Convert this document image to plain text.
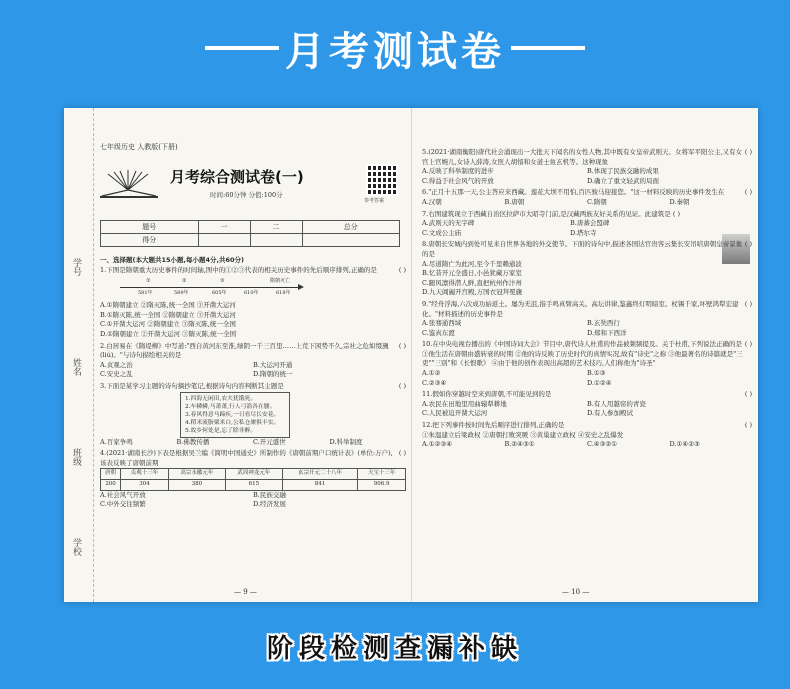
月考测试卷
学号
姓名
班级
学校
七年级历史 人教版(下册)
月考综合测试卷(一)
时间:60分钟 分值:100分
参考答案
题号	一	二	总分
得分			
一、选择题(本大题共15小题,每小题4分,共60分)
( )
1.下图是隋朝重大历史事件的时间轴,图中的①②③代表的相关历史事件的先后顺序排列,正确的是
①	②	③	隋朝灭亡
581年	589年	605年	610年	618年
A.①隋朝建立 ②隋灭陈,统一全国 ③开凿大运河
B.①隋灭陈,统一全国 ②隋朝建立 ③开凿大运河
C.①开凿大运河 ②隋朝建立 ③隋灭陈,统一全国
D.①隋朝建立 ②开凿大运河 ③隋灭陈,统一全国
( )
2.白居易在《隋堤柳》中写道:"西自黄河东至淮,绿阴一千三百里……上荒下困势不久,宗社之危如缀旒(liú)。"与诗句描绘相关的是
A.贞观之治	B.大运河开通
C.安史之乱	D.隋朝的统一
( )
3.下面是某学习主题的诗句摘抄笔记,根据诗句内容判断其主题是
1.四海无闲田,农夫犹饿死。
2.车辚辚,马萧萧,行人弓箭各在腰。
3.春风得意马蹄疾,一日看尽长安花。
4.稻米流脂粟米白,公私仓廪俱丰实。
5.故乡何处是,忘了除非醉。
A.百家争鸣	B.佛教传播	C.开元盛世	D.科举制度
( )
4.(2021·湖南长沙)下表是根据吴兰编《简明中国通史》所制作的《唐朝前期户口统计表》(单位:万户),该表反映了唐朝前期
唐朝	贞观十三年	高宗永徽元年	武周神龙元年	玄宗开元二十八年	天宝十三年
200	304	380	615	841	906.9
A.社会风气开放	B.民族交融
C.中外交往频繁	D.经济发展
— 9 —
( )
5.(2021·湖南衡阳)唐代社会涌现出一大批天下闻名的女性人物,其中既有女皇帝武则天、女将军平阳公主,又有女官上官婉儿,女诗人薛涛,女医人胡愔和女道士鱼玄机等。这种现象
A.反映了科举制度的进步	B.体现了民族交融的成果
C.得益于社会风气的开放	D.确立了重文轻武的局面
( )
6."正月十五那一天,公主答应来西藏。莲花大坝不用怕,百匹骏马迎接您。"这一材料反映的历史事件发生在
A.汉朝	B.唐朝	C.隋朝	D.秦朝
7.右图建筑现立于西藏自治区拉萨市大昭寺门前,是汉藏两族友好关系的见证。此建筑是 ( )
A.武则天的无字碑	B.唐蕃会盟碑
C.文成公主庙	D.塔尔寺
( )
8.唐朝长安城内到处可见来自世界各地的外交使节。下面的诗句中,描述各国达官贵客云集长安吊唁唐朝皇帝景象的是
A.尽道隋亡为此河,至今千里赖通波
B.忆昔开元全盛日,小邑犹藏万家室
C.腿风凛得潜人鲜,直把杭州作汴州
D.九天阊阖开宫殿,万国衣冠拜冕旒
( )
9."经舟浮海,六次成功始返土。屡为无沮,指手鸣真臂高关。高坛讲律,鉴鑫终灯明暗室。杖锡千家,坏壁鸿犁宏建化。"材料描述的历史事件是
A.张骞通西域	B.玄奘西行
C.鉴真东渡	D.郑和下西洋
( )
10.在中央电视台播出的《中国诗词大会》节目中,唐代诗人杜甫的作品被频频提及。关于杜甫,下列说法正确的是
①他生活在唐朝由盛转衰的时期 ②他的诗反映了历史时代的真情实况,故有"诗史"之称 ③他最著名的诗篇就是"三吏""三别"和《长恨歌》 ④由于他的创作表现出高超的艺术技巧,人们称他为"诗圣"
A.①②	B.①③
C.②③④	D.①②④
( )
11.假如你穿越时空来到唐朝,不可能见到的是
A.农民在田地里用曲辕犁耕地	B.有人用越窑的青瓷
C.人民被迫开凿大运河	D.有人参加殿试
( )
12.把下列事件按时间先后顺序进行排列,正确的是
①朱温建立后梁政权 ②唐朝打败突厥 ③黄巢建立政权 ④安史之乱爆发
A.①②③④	B.②④③①	C.④③②①	D.①④②③
— 10 —
阶段检测查漏补缺
